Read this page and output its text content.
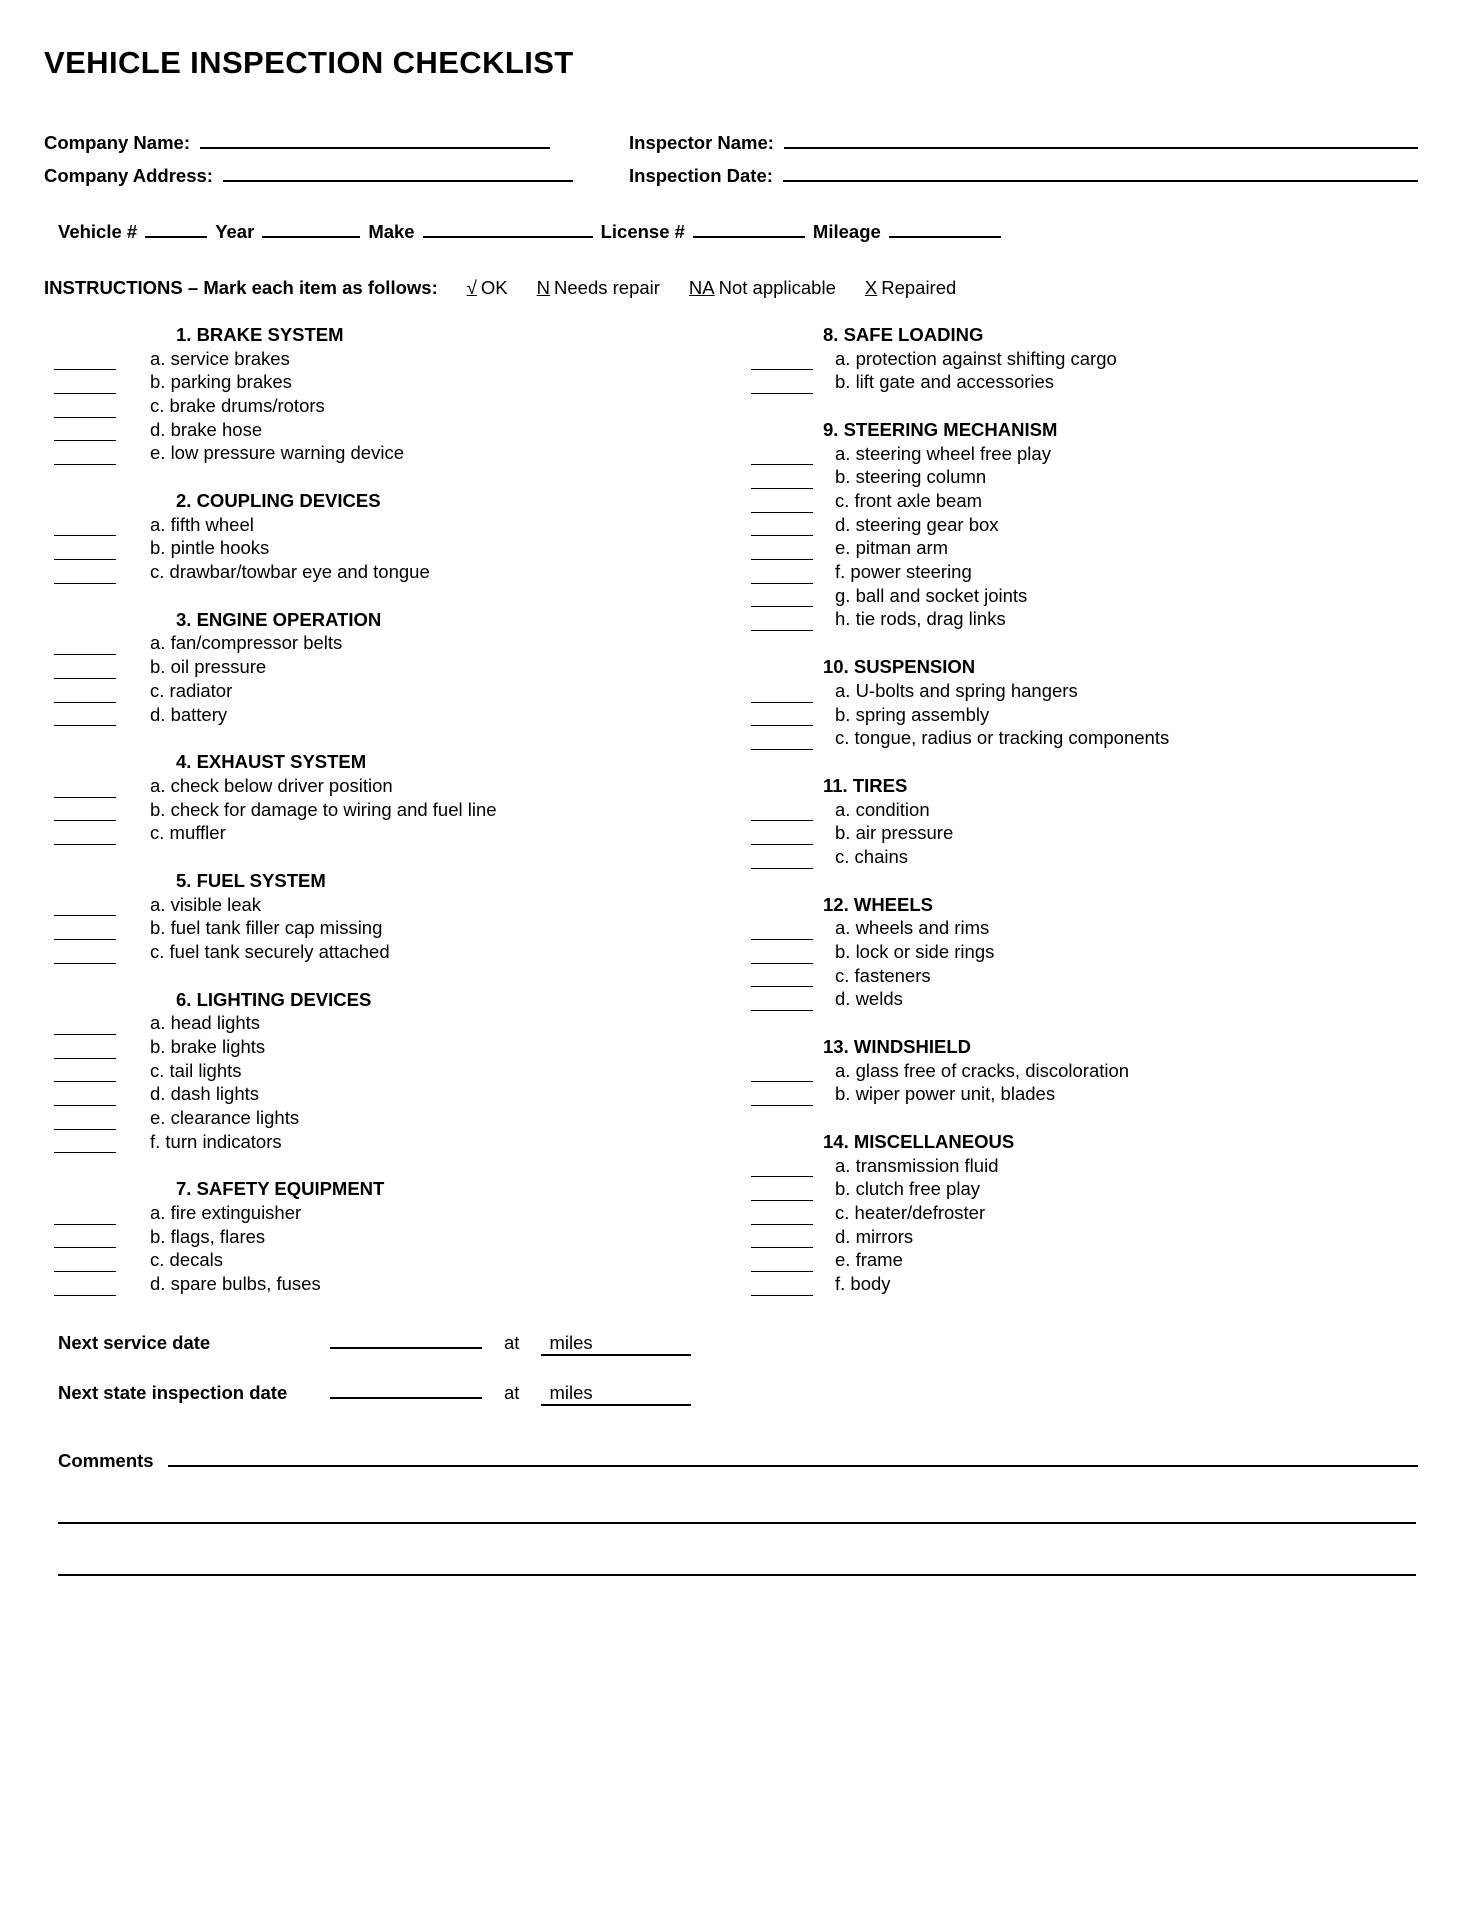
VEHICLE INSPECTION CHECKLIST
Company Name:	Inspector Name:
Company Address:	Inspection Date:
Vehicle #	Year	Make	License #	Mileage
INSTRUCTIONS – Mark each item as follows: √ OK N Needs repair NA Not applicable X Repaired
1. BRAKE SYSTEM
a. service brakes
b. parking brakes
c. brake drums/rotors
d. brake hose
e. low pressure warning device
2. COUPLING DEVICES
a. fifth wheel
b. pintle hooks
c. drawbar/towbar eye and tongue
3. ENGINE OPERATION
a. fan/compressor belts
b. oil pressure
c. radiator
d. battery
4. EXHAUST SYSTEM
a. check below driver position
b. check for damage to wiring and fuel line
c. muffler
5. FUEL SYSTEM
a. visible leak
b. fuel tank filler cap missing
c. fuel tank securely attached
6. LIGHTING DEVICES
a. head lights
b. brake lights
c. tail lights
d. dash lights
e. clearance lights
f. turn indicators
7. SAFETY EQUIPMENT
a. fire extinguisher
b. flags, flares
c. decals
d. spare bulbs, fuses
8. SAFE LOADING
a. protection against shifting cargo
b. lift gate and accessories
9. STEERING MECHANISM
a. steering wheel free play
b. steering column
c. front axle beam
d. steering gear box
e. pitman arm
f. power steering
g. ball and socket joints
h. tie rods, drag links
10. SUSPENSION
a. U-bolts and spring hangers
b. spring assembly
c. tongue, radius or tracking components
11. TIRES
a. condition
b. air pressure
c. chains
12. WHEELS
a. wheels and rims
b. lock or side rings
c. fasteners
d. welds
13. WINDSHIELD
a. glass free of cracks, discoloration
b. wiper power unit, blades
14. MISCELLANEOUS
a. transmission fluid
b. clutch free play
c. heater/defroster
d. mirrors
e. frame
f. body
Next service date	at	miles
Next state inspection date	at	miles
Comments
